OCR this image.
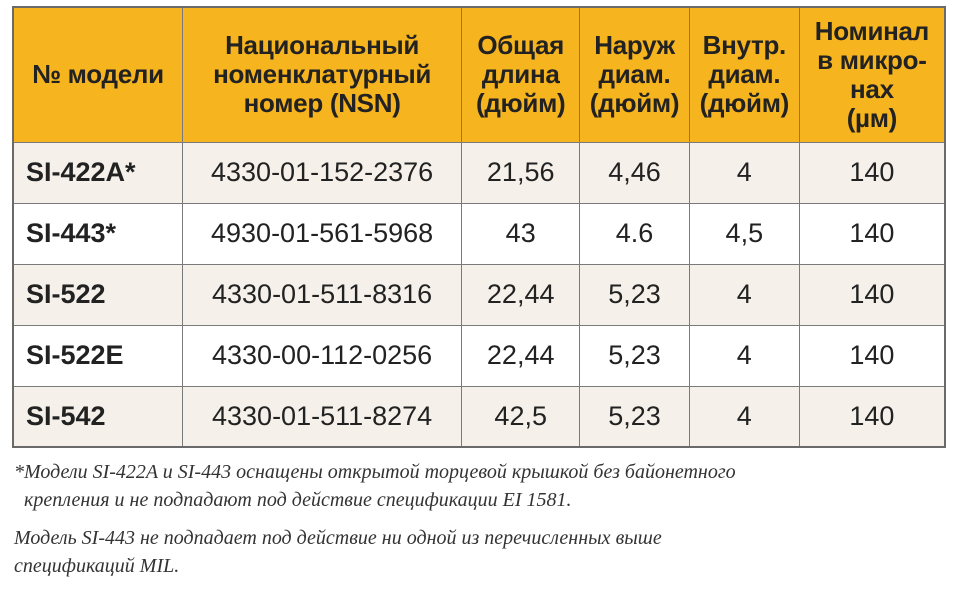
№ модели	Национальный
номенклатурный
номер (NSN)	Общая
длина
(дюйм)	Наруж
диам.
(дюйм)	Внутр.
диам.
(дюйм)	Номинал
в микро-
нах
(µм)
SI-422A*	4330-01-152-2376	21,56	4,46	4	140
SI-443*	4930-01-561-5968	43	4.6	4,5	140
SI-522	4330-01-511-8316	22,44	5,23	4	140
SI-522E	4330-00-112-0256	22,44	5,23	4	140
SI-542	4330-01-511-8274	42,5	5,23	4	140

*Модели SI-422A и SI-443 оснащены открытой торцевой крышкой без байонетного
крепления и не подпадают под действие спецификации EI 1581.

Модель SI-443 не подпадает под действие ни одной из перечисленных выше
спецификаций MIL.
